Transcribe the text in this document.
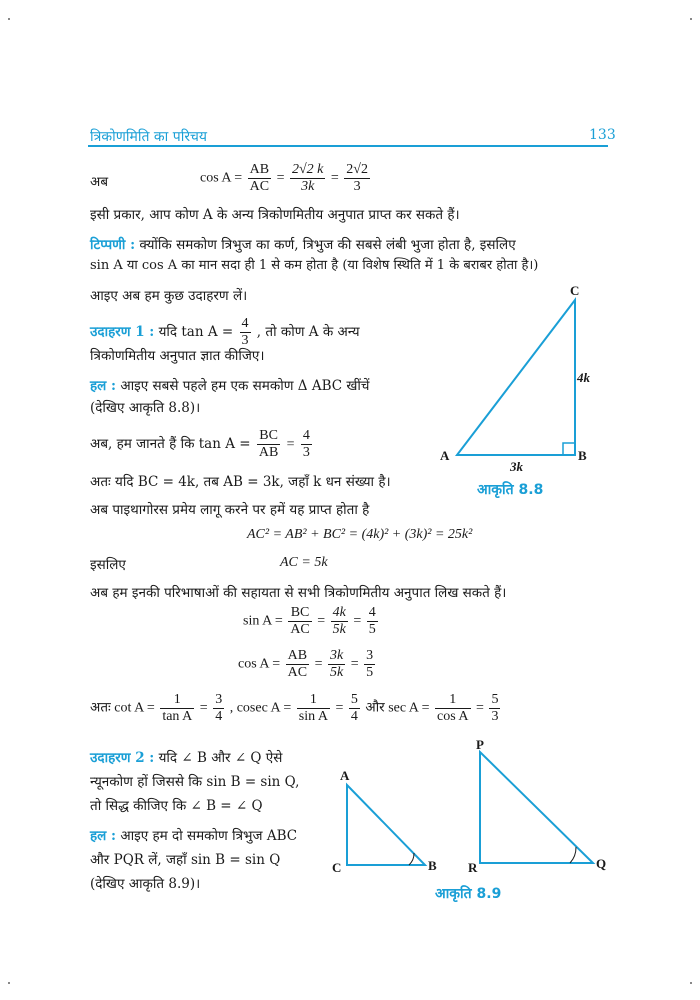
त्रिकोणमिति का परिचय	133
अब	$\cos A = \frac{AB}{AC} = \frac{2√2 k}{3k} = \frac{2√2}{3}$
इसी प्रकार, आप कोण A के अन्य त्रिकोणमितीय अनुपात प्राप्त कर सकते हैं।
टिप्पणी : क्योंकि समकोण त्रिभुज का कर्ण, त्रिभुज की सबसे लंबी भुजा होता है, इसलिए
sin A या cos A का मान सदा ही 1 से कम होता है (या विशेष स्थिति में 1 के बराबर होता है।)
आइए अब हम कुछ उदाहरण लें।
उदाहरण 1 : यदि $\tan A = \frac{4}{3}$ , तो कोण A के अन्य
त्रिकोणमितीय अनुपात ज्ञात कीजिए।
हल : आइए सबसे पहले हम एक समकोण Δ ABC खींचें
(देखिए आकृति 8.8)।
अब, हम जानते हैं कि $\tan A = \frac{BC}{AB} = \frac{4}{3}$
अतः यदि BC = 4k, तब AB = 3k, जहाँ k धन संख्या है।
अब पाइथागोरस प्रमेय लागू करने पर हमें यह प्राप्त होता है
AC² = AB² + BC² = (4k)² + (3k)² = 25k²
इसलिए	AC = 5k
अब हम इनकी परिभाषाओं की सहायता से सभी त्रिकोणमितीय अनुपात लिख सकते हैं।
$\sin A = \frac{BC}{AC} = \frac{4k}{5k} = \frac{4}{5}$
$\cos A = \frac{AB}{AC} = \frac{3k}{5k} = \frac{3}{5}$
अतः $\cot A = \frac{1}{\text{tan A}} = \frac{3}{4}$ , cosec $A = \frac{1}{\text{sin A}} = \frac{5}{4}$ और $\sec A = \frac{1}{\text{cos A}} = \frac{5}{3}$
उदाहरण 2 : यदि ∠ B और ∠ Q ऐसे
न्यूनकोण हों जिससे कि sin B = sin Q,
तो सिद्ध कीजिए कि ∠ B = ∠ Q
हल : आइए हम दो समकोण त्रिभुज ABC
और PQR लें, जहाँ sin B = sin Q
(देखिए आकृति 8.9)।
A	B
C
4k
3k
आकृति 8.8
A
B
C
P
Q
R
आकृति 8.9
